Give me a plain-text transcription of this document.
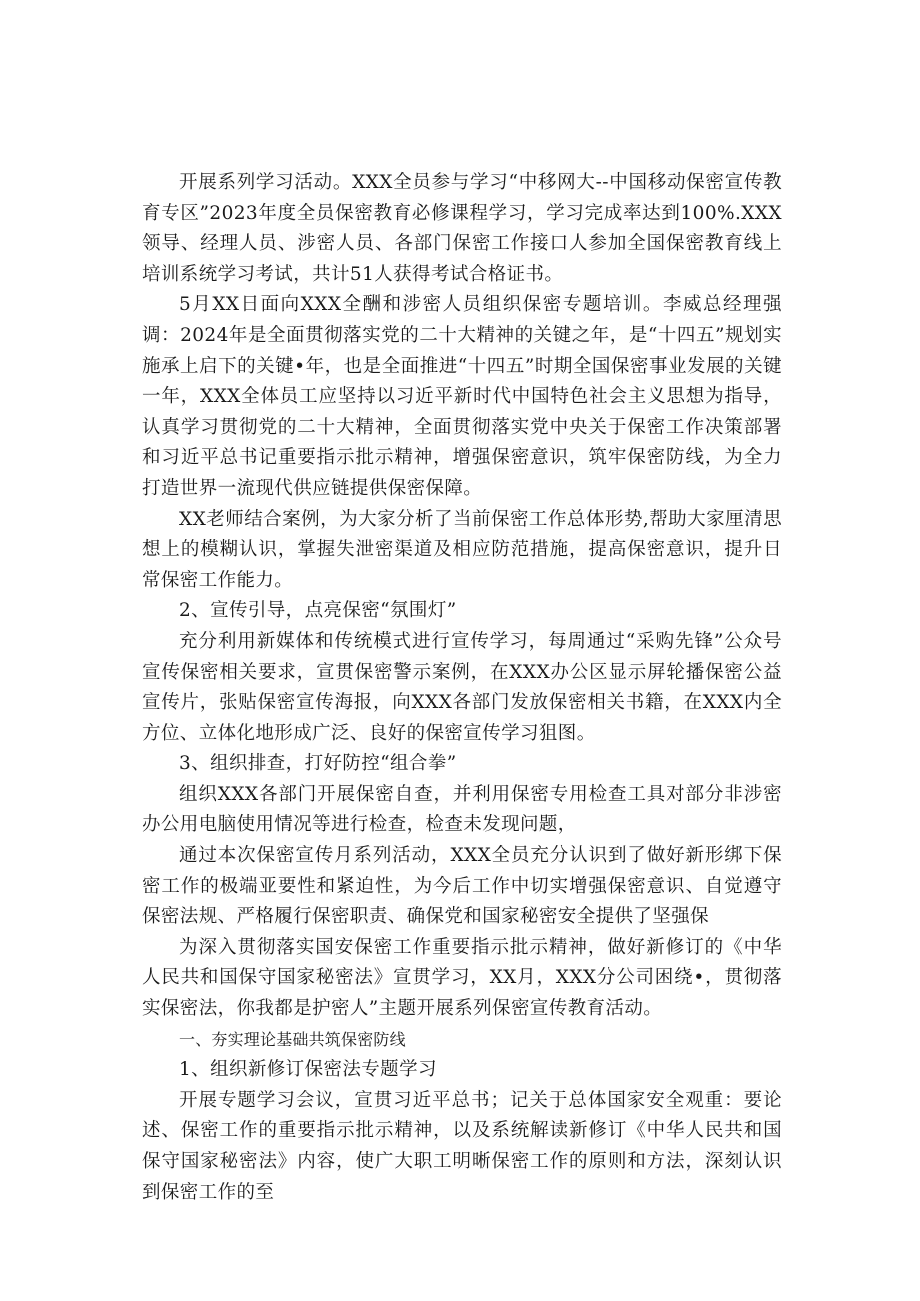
开展系列学习活动。XXX全员参与学习“中移网大--中国移动保密宣传教育专区”2023年度全员保密教育必修课程学习，学习完成率达到100%.XXX领导、经理人员、涉密人员、各部门保密工作接口人参加全国保密教育线上培训系统学习考试，共计51人获得考试合格证书。

5月XX日面向XXX全酬和涉密人员组织保密专题培训。李威总经理强调：2024年是全面贯彻落实党的二十大精神的关键之年，是“十四五”规划实施承上启下的关键•年，也是全面推进“十四五”时期全国保密事业发展的关键一年，XXX全体员工应坚持以习近平新时代中国特色社会主义思想为指导，认真学习贯彻党的二十大精神，全面贯彻落实党中央关于保密工作决策部署和习近平总书记重要指示批示精神，增强保密意识，筑牢保密防线，为全力打造世界一流现代供应链提供保密保障。

XX老师结合案例，为大家分析了当前保密工作总体形势,帮助大家厘清思想上的模糊认识，掌握失泄密渠道及相应防范措施，提高保密意识，提升日常保密工作能力。

2、宣传引导，点亮保密“氛围灯”

充分利用新媒体和传统模式进行宣传学习，每周通过“采购先锋”公众号宣传保密相关要求，宣贯保密警示案例，在XXX办公区显示屏轮播保密公益宣传片，张贴保密宣传海报，向XXX各部门发放保密相关书籍，在XXX内全方位、立体化地形成广泛、良好的保密宣传学习狙图。

3、组织排查，打好防控“组合拳”

组织XXX各部门开展保密自查，并利用保密专用检查工具对部分非涉密办公用电脑使用情况等进行检查，检查未发现问题，

通过本次保密宣传月系列活动，XXX全员充分认识到了做好新形绑下保密工作的极端亚要性和紧迫性，为今后工作中切实增强保密意识、自觉遵守保密法规、严格履行保密职责、确保党和国家秘密安全提供了坚强保

为深入贯彻落实国安保密工作重要指示批示精神，做好新修订的《中华人民共和国保守国家秘密法》宣贯学习，XX月，XXX分公司困绕•，贯彻落实保密法，你我都是护密人”主题开展系列保密宣传教育活动。

一、夯实理论基础共筑保密防线

1、组织新修订保密法专题学习

开展专题学习会议，宣贯习近平总书；记关于总体国家安全观重：要论述、保密工作的重要指示批示精神，以及系统解读新修订《中华人民共和国保守国家秘密法》内容，使广大职工明晰保密工作的原则和方法，深刻认识到保密工作的至
